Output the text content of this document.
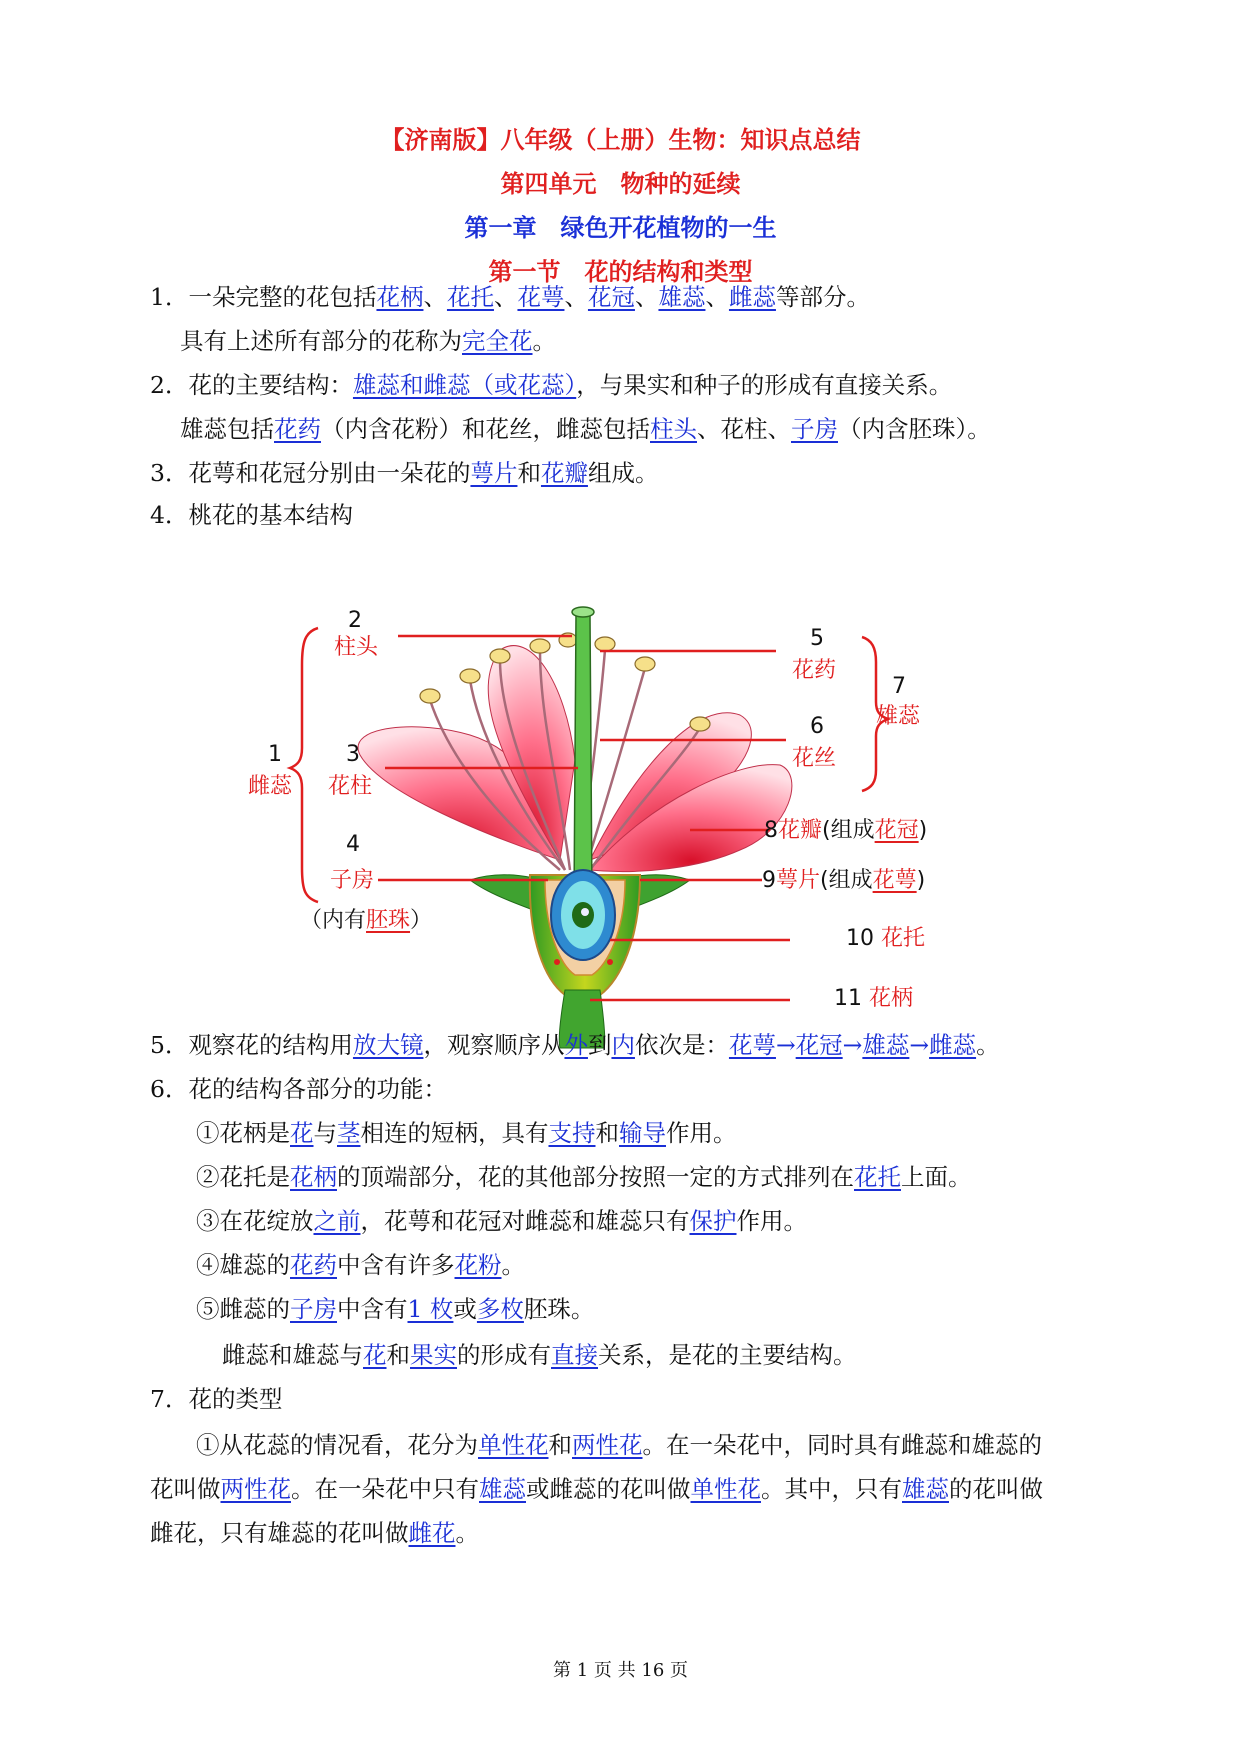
【济南版】八年级（上册）生物：知识点总结
第四单元　物种的延续
第一章　绿色开花植物的一生
第一节　花的结构和类型
1．一朵完整的花包括花柄、花托、花萼、花冠、雄蕊、雌蕊等部分。
具有上述所有部分的花称为完全花。
2．花的主要结构：雄蕊和雌蕊（或花蕊），与果实和种子的形成有直接关系。
雄蕊包括花药（内含花粉）和花丝，雌蕊包括柱头、花柱、子房（内含胚珠）。
3．花萼和花冠分别由一朵花的萼片和花瓣组成。
4．桃花的基本结构
2
柱头
1
雌蕊
3
花柱
4
子房
（内有胚珠）
5
花药
7
雄蕊
6
花丝
8花瓣(组成花冠)
9萼片(组成花萼)
10 花托
11 花柄
5．观察花的结构用放大镜，观察顺序从外到内依次是：花萼→花冠→雄蕊→雌蕊。
6．花的结构各部分的功能：
①花柄是花与茎相连的短柄，具有支持和输导作用。
②花托是花柄的顶端部分，花的其他部分按照一定的方式排列在花托上面。
③在花绽放之前，花萼和花冠对雌蕊和雄蕊只有保护作用。
④雄蕊的花药中含有许多花粉。
⑤雌蕊的子房中含有1 枚或多枚胚珠。
雌蕊和雄蕊与花和果实的形成有直接关系，是花的主要结构。
7．花的类型
①从花蕊的情况看，花分为单性花和两性花。在一朵花中，同时具有雌蕊和雄蕊的
花叫做两性花。在一朵花中只有雄蕊或雌蕊的花叫做单性花。其中，只有雄蕊的花叫做
雌花，只有雄蕊的花叫做雌花。
第 1 页 共 16 页
